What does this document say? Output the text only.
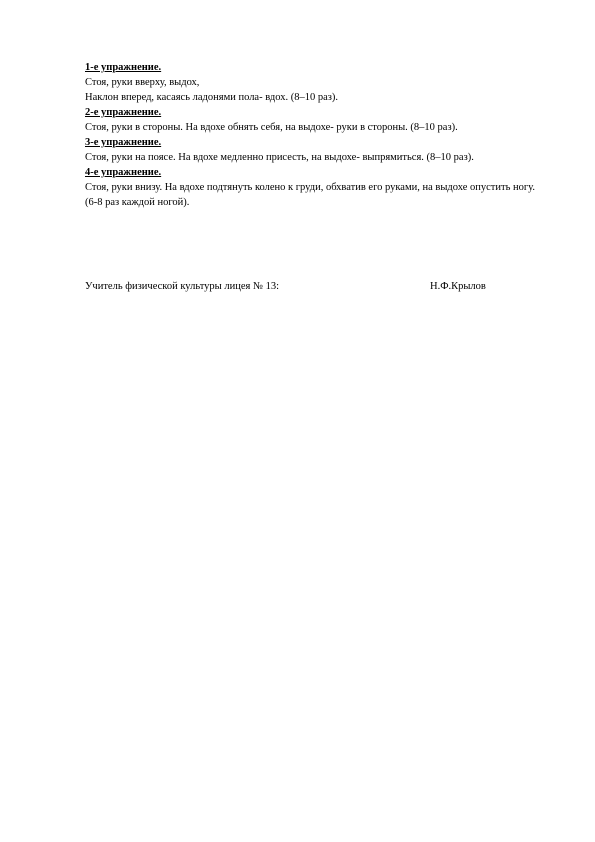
1-е упражнение.
Стоя, руки вверху, выдох,
Наклон вперед, касаясь ладонями пола- вдох. (8–10 раз).
2-е упражнение.
Стоя, руки в стороны. На вдохе обнять себя, на выдохе- руки в стороны. (8–10 раз).
3-е упражнение.
Стоя, руки на поясе. На вдохе медленно присесть, на выдохе- выпрямиться. (8–10 раз).
4-е упражнение.
Стоя, руки внизу. На вдохе подтянуть колено к груди, обхватив его руками, на выдохе опустить ногу. (6-8 раз каждой ногой).
Учитель физической культуры лицея № 13:	Н.Ф.Крылов
